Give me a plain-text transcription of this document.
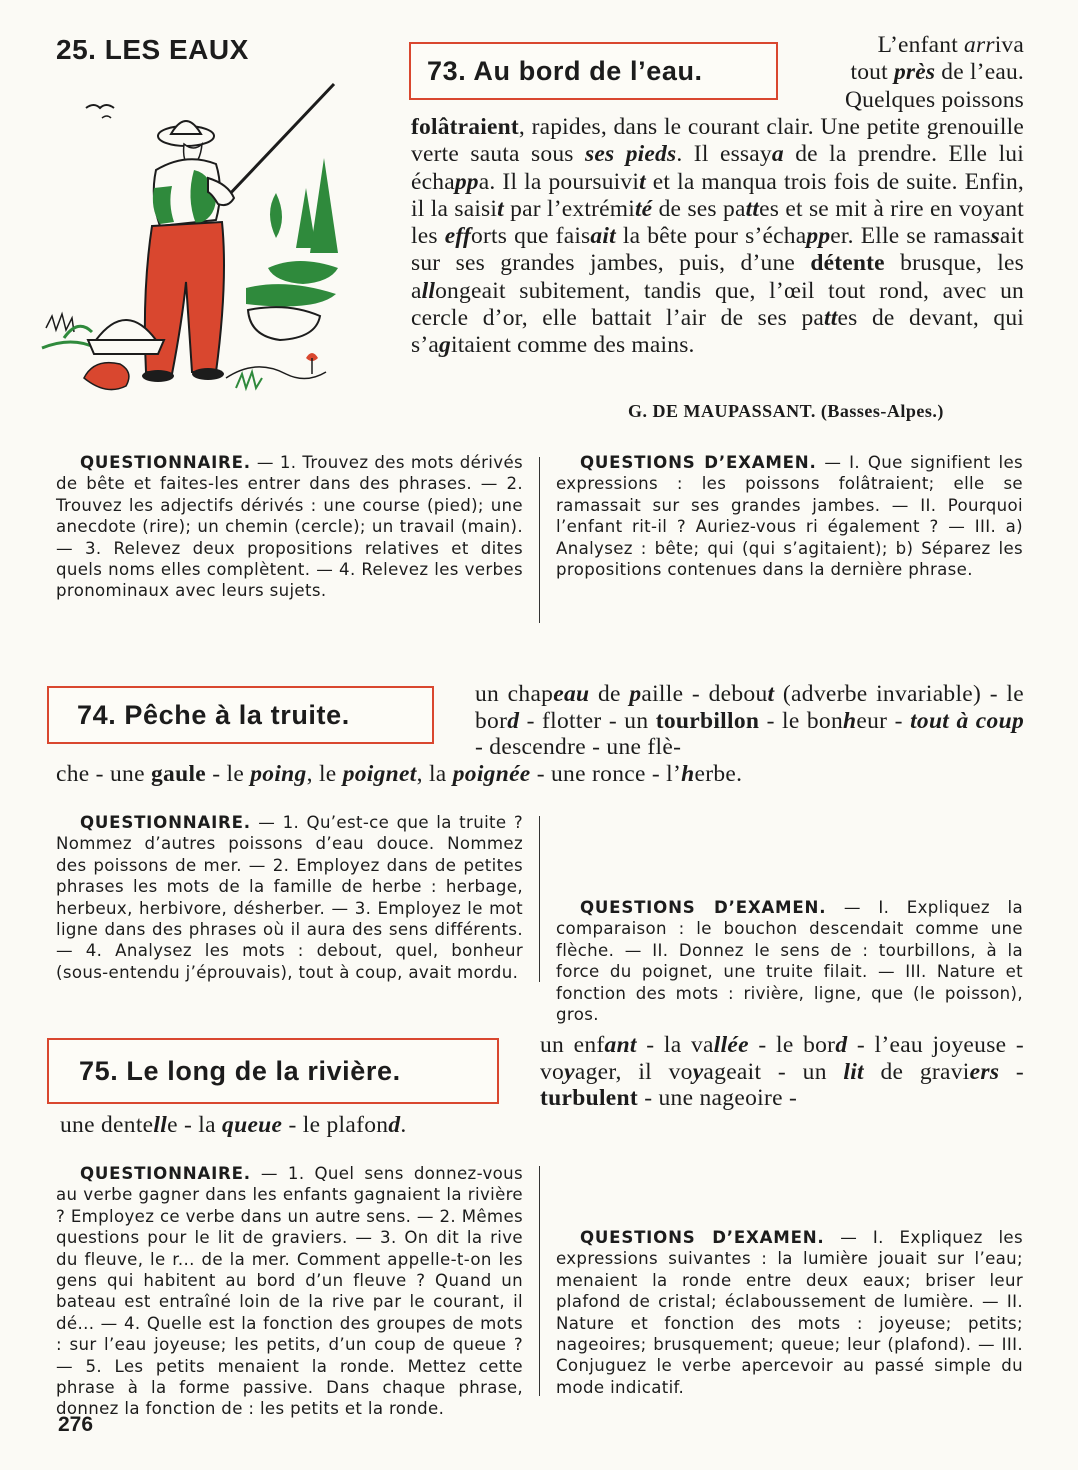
25. LES EAUX
73. Au bord de l’eau.

L’enfant arriva

tout près de l’eau.

Quelques poissons

folâtraient, rapides, dans le courant clair. Une petite grenouille verte sauta sous ses pieds. Il essaya de la prendre. Elle lui échappa. Il la poursuivit et la manqua trois fois de suite. Enfin, il la saisit par l’extrémité de ses pattes et se mit à rire en voyant les efforts que faisait la bête pour s’échapper. Elle se ramassait sur ses grandes jambes, puis, d’une détente brusque, les allongeait subitement, tandis que, l’œil tout rond, avec un cercle d’or, elle battait l’air de ses pattes de devant, qui s’agitaient comme des mains.

G. DE MAUPASSANT. (Basses-Alpes.)

QUESTIONNAIRE. — 1. Trouvez des mots dérivés de bête et faites-les entrer dans des phrases. — 2. Trouvez les adjectifs dérivés : une course (pied); une anecdote (rire); un chemin (cercle); un travail (main). — 3. Relevez deux propositions relatives et dites quels noms elles complètent. — 4. Relevez les verbes pronominaux avec leurs sujets.

QUESTIONS D’EXAMEN. — I. Que signifient les expressions : les poissons folâtraient; elle se ramassait sur ses grandes jambes. — II. Pourquoi l’enfant rit-il ? Auriez-vous ri également ? — III. a) Analysez : bête; qui (qui s’agitaient); b) Séparez les propositions contenues dans la dernière phrase.

74. Pêche à la truite.

un chapeau de paille - debout (adverbe invariable) - le bord - flotter - un tourbillon - le bonheur - tout à coup - descendre - une flè-

che - une gaule - le poing, le poignet, la poignée - une ronce - l’herbe.

QUESTIONNAIRE. — 1. Qu’est-ce que la truite ? Nommez d’autres poissons d’eau douce. Nommez des poissons de mer. — 2. Employez dans de petites phrases les mots de la famille de herbe : herbage, herbeux, herbivore, désherber. — 3. Employez le mot ligne dans des phrases où il aura des sens différents. — 4. Analysez les mots : debout, quel, bonheur (sous-entendu j’éprouvais), tout à coup, avait mordu.

QUESTIONS D’EXAMEN. — I. Expliquez la comparaison : le bouchon descendait comme une flèche. — II. Donnez le sens de : tourbillons, à la force du poignet, une truite filait. — III. Nature et fonction des mots : rivière, ligne, que (le poisson), gros.

75. Le long de la rivière.

un enfant - la vallée - le bord - l’eau joyeuse - voyager, il voyageait - un lit de graviers - turbulent - une nageoire -

une dentelle - la queue - le plafond.

QUESTIONNAIRE. — 1. Quel sens donnez-vous au verbe gagner dans les enfants gagnaient la rivière ? Employez ce verbe dans un autre sens. — 2. Mêmes questions pour le lit de graviers. — 3. On dit la rive du fleuve, le r... de la mer. Comment appelle-t-on les gens qui habitent au bord d’un fleuve ? Quand un bateau est entraîné loin de la rive par le courant, il dé... — 4. Quelle est la fonction des groupes de mots : sur l’eau joyeuse; les petits, d’un coup de queue ? — 5. Les petits menaient la ronde. Mettez cette phrase à la forme passive. Dans chaque phrase, donnez la fonction de : les petits et la ronde.

QUESTIONS D’EXAMEN. — I. Expliquez les expressions suivantes : la lumière jouait sur l’eau; menaient la ronde entre deux eaux; briser leur plafond de cristal; éclaboussement de lumière. — II. Nature et fonction des mots : joyeuse; petits; nageoires; brusquement; queue; leur (plafond). — III. Conjuguez le verbe apercevoir au passé simple du mode indicatif.

276
